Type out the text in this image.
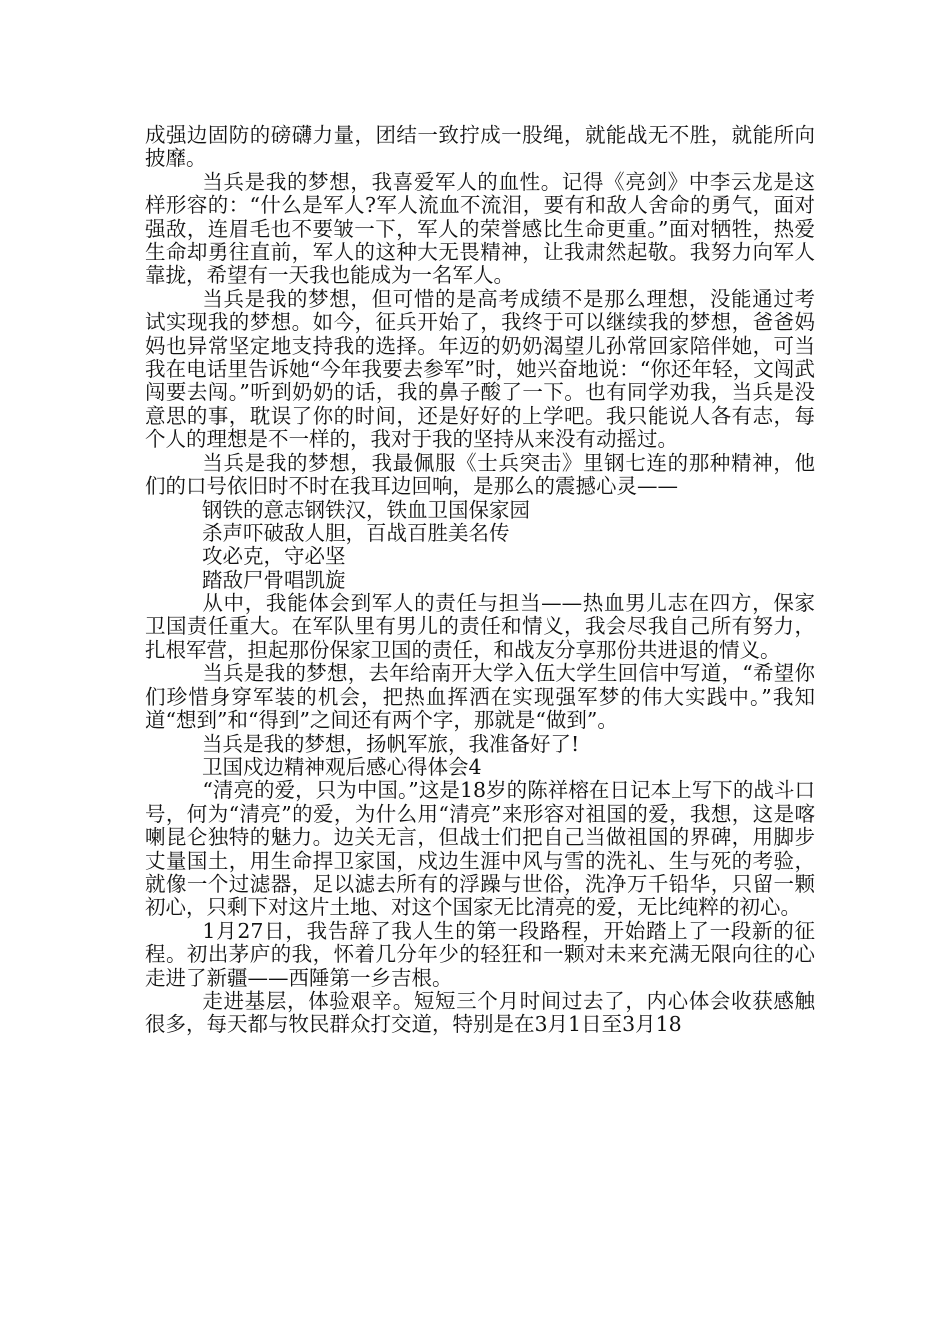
成强边固防的磅礴力量，团结一致拧成一股绳，就能战无不胜，就能所向披靡。

当兵是我的梦想，我喜爱军人的血性。记得《亮剑》中李云龙是这样形容的：“什么是军人?军人流血不流泪，要有和敌人舍命的勇气，面对强敌，连眉毛也不要皱一下，军人的荣誉感比生命更重。”面对牺牲，热爱生命却勇往直前，军人的这种大无畏精神，让我肃然起敬。我努力向军人靠拢，希望有一天我也能成为一名军人。

当兵是我的梦想，但可惜的是高考成绩不是那么理想，没能通过考试实现我的梦想。如今，征兵开始了，我终于可以继续我的梦想，爸爸妈妈也异常坚定地支持我的选择。年迈的奶奶渴望儿孙常回家陪伴她，可当我在电话里告诉她“今年我要去参军”时，她兴奋地说：“你还年轻，文闯武闯要去闯。”听到奶奶的话，我的鼻子酸了一下。也有同学劝我，当兵是没意思的事，耽误了你的时间，还是好好的上学吧。我只能说人各有志，每个人的理想是不一样的，我对于我的坚持从来没有动摇过。

当兵是我的梦想，我最佩服《士兵突击》里钢七连的那种精神，他们的口号依旧时不时在我耳边回响，是那么的震撼心灵——

钢铁的意志钢铁汉，铁血卫国保家园

杀声吓破敌人胆，百战百胜美名传

攻必克，守必坚

踏敌尸骨唱凯旋

从中，我能体会到军人的责任与担当——热血男儿志在四方，保家卫国责任重大。在军队里有男儿的责任和情义，我会尽我自己所有努力，扎根军营，担起那份保家卫国的责任，和战友分享那份共进退的情义。

当兵是我的梦想，去年给南开大学入伍大学生回信中写道，“希望你们珍惜身穿军装的机会，把热血挥洒在实现强军梦的伟大实践中。”我知道“想到”和“得到”之间还有两个字，那就是“做到”。

当兵是我的梦想，扬帆军旅，我准备好了!

卫国戍边精神观后感心得体会4

“清亮的爱，只为中国。”这是18岁的陈祥榕在日记本上写下的战斗口号，何为“清亮”的爱，为什么用“清亮”来形容对祖国的爱，我想，这是喀喇昆仑独特的魅力。边关无言，但战士们把自己当做祖国的界碑，用脚步丈量国土，用生命捍卫家国，戍边生涯中风与雪的洗礼、生与死的考验，就像一个过滤器，足以滤去所有的浮躁与世俗，洗净万千铅华，只留一颗初心，只剩下对这片土地、对这个国家无比清亮的爱，无比纯粹的初心。

1月27日，我告辞了我人生的第一段路程，开始踏上了一段新的征程。初出茅庐的我，怀着几分年少的轻狂和一颗对未来充满无限向往的心走进了新疆——西陲第一乡吉根。

走进基层，体验艰辛。短短三个月时间过去了，内心体会收获感触很多，每天都与牧民群众打交道，特别是在3月1日至3月18
